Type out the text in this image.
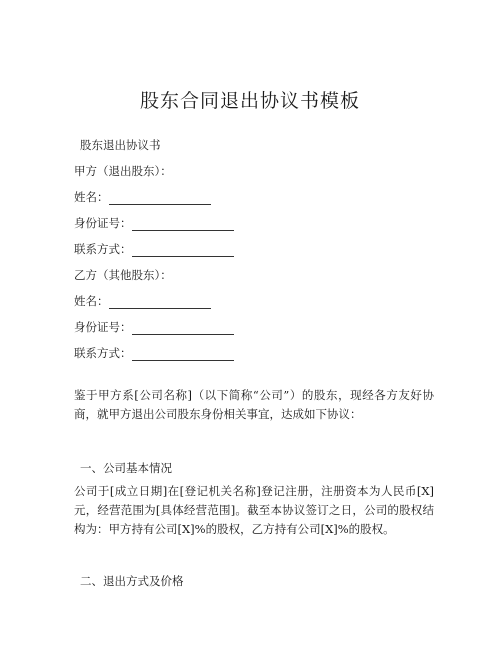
股东合同退出协议书模板
股东退出协议书
甲方（退出股东）：
姓名：
身份证号：
联系方式：
乙方（其他股东）：
姓名：
身份证号：
联系方式：
鉴于甲方系[公司名称]（以下简称“公司”）的股东，现经各方友好协商，就甲方退出公司股东身份相关事宜，达成如下协议：
一、公司基本情况
公司于[成立日期]在[登记机关名称]登记注册，注册资本为人民币[X]元，经营范围为[具体经营范围]。截至本协议签订之日，公司的股权结构为：甲方持有公司[X]%的股权，乙方持有公司[X]%的股权。
二、退出方式及价格
